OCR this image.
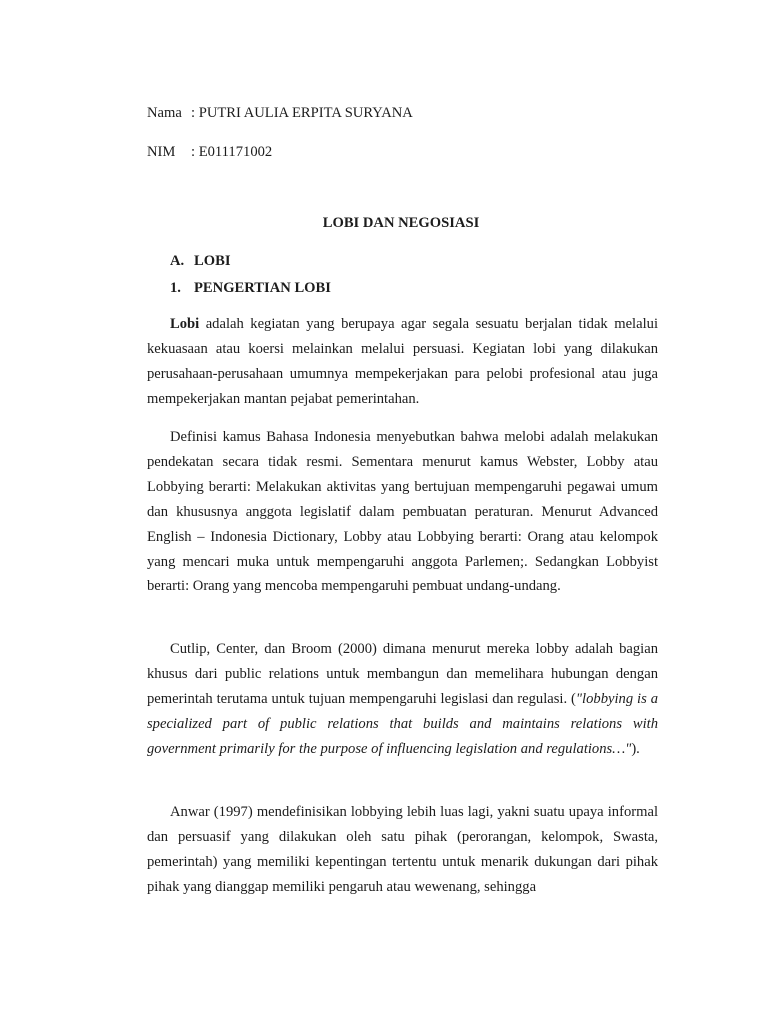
Nama : PUTRI AULIA ERPITA SURYANA
NIM : E011171002
LOBI DAN NEGOSIASI
A. LOBI
1. PENGERTIAN LOBI
Lobi adalah kegiatan yang berupaya agar segala sesuatu berjalan tidak melalui kekuasaan atau koersi melainkan melalui persuasi. Kegiatan lobi yang dilakukan perusahaan-perusahaan umumnya mempekerjakan para pelobi profesional atau juga mempekerjakan mantan pejabat pemerintahan.
Definisi kamus Bahasa Indonesia menyebutkan bahwa melobi adalah melakukan pendekatan secara tidak resmi. Sementara menurut kamus Webster, Lobby atau Lobbying berarti: Melakukan aktivitas yang bertujuan mempengaruhi pegawai umum dan khususnya anggota legislatif dalam pembuatan peraturan. Menurut Advanced English – Indonesia Dictionary, Lobby atau Lobbying berarti: Orang atau kelompok yang mencari muka untuk mempengaruhi anggota Parlemen;. Sedangkan Lobbyist berarti: Orang yang mencoba mempengaruhi pembuat undang-undang.
Cutlip, Center, dan Broom (2000) dimana menurut mereka lobby adalah bagian khusus dari public relations untuk membangun dan memelihara hubungan dengan pemerintah terutama untuk tujuan mempengaruhi legislasi dan regulasi. ("lobbying is a specialized part of public relations that builds and maintains relations with government primarily for the purpose of influencing legislation and regulations…").
Anwar (1997) mendefinisikan lobbying lebih luas lagi, yakni suatu upaya informal dan persuasif yang dilakukan oleh satu pihak (perorangan, kelompok, Swasta, pemerintah) yang memiliki kepentingan tertentu untuk menarik dukungan dari pihak pihak yang dianggap memiliki pengaruh atau wewenang, sehingga
